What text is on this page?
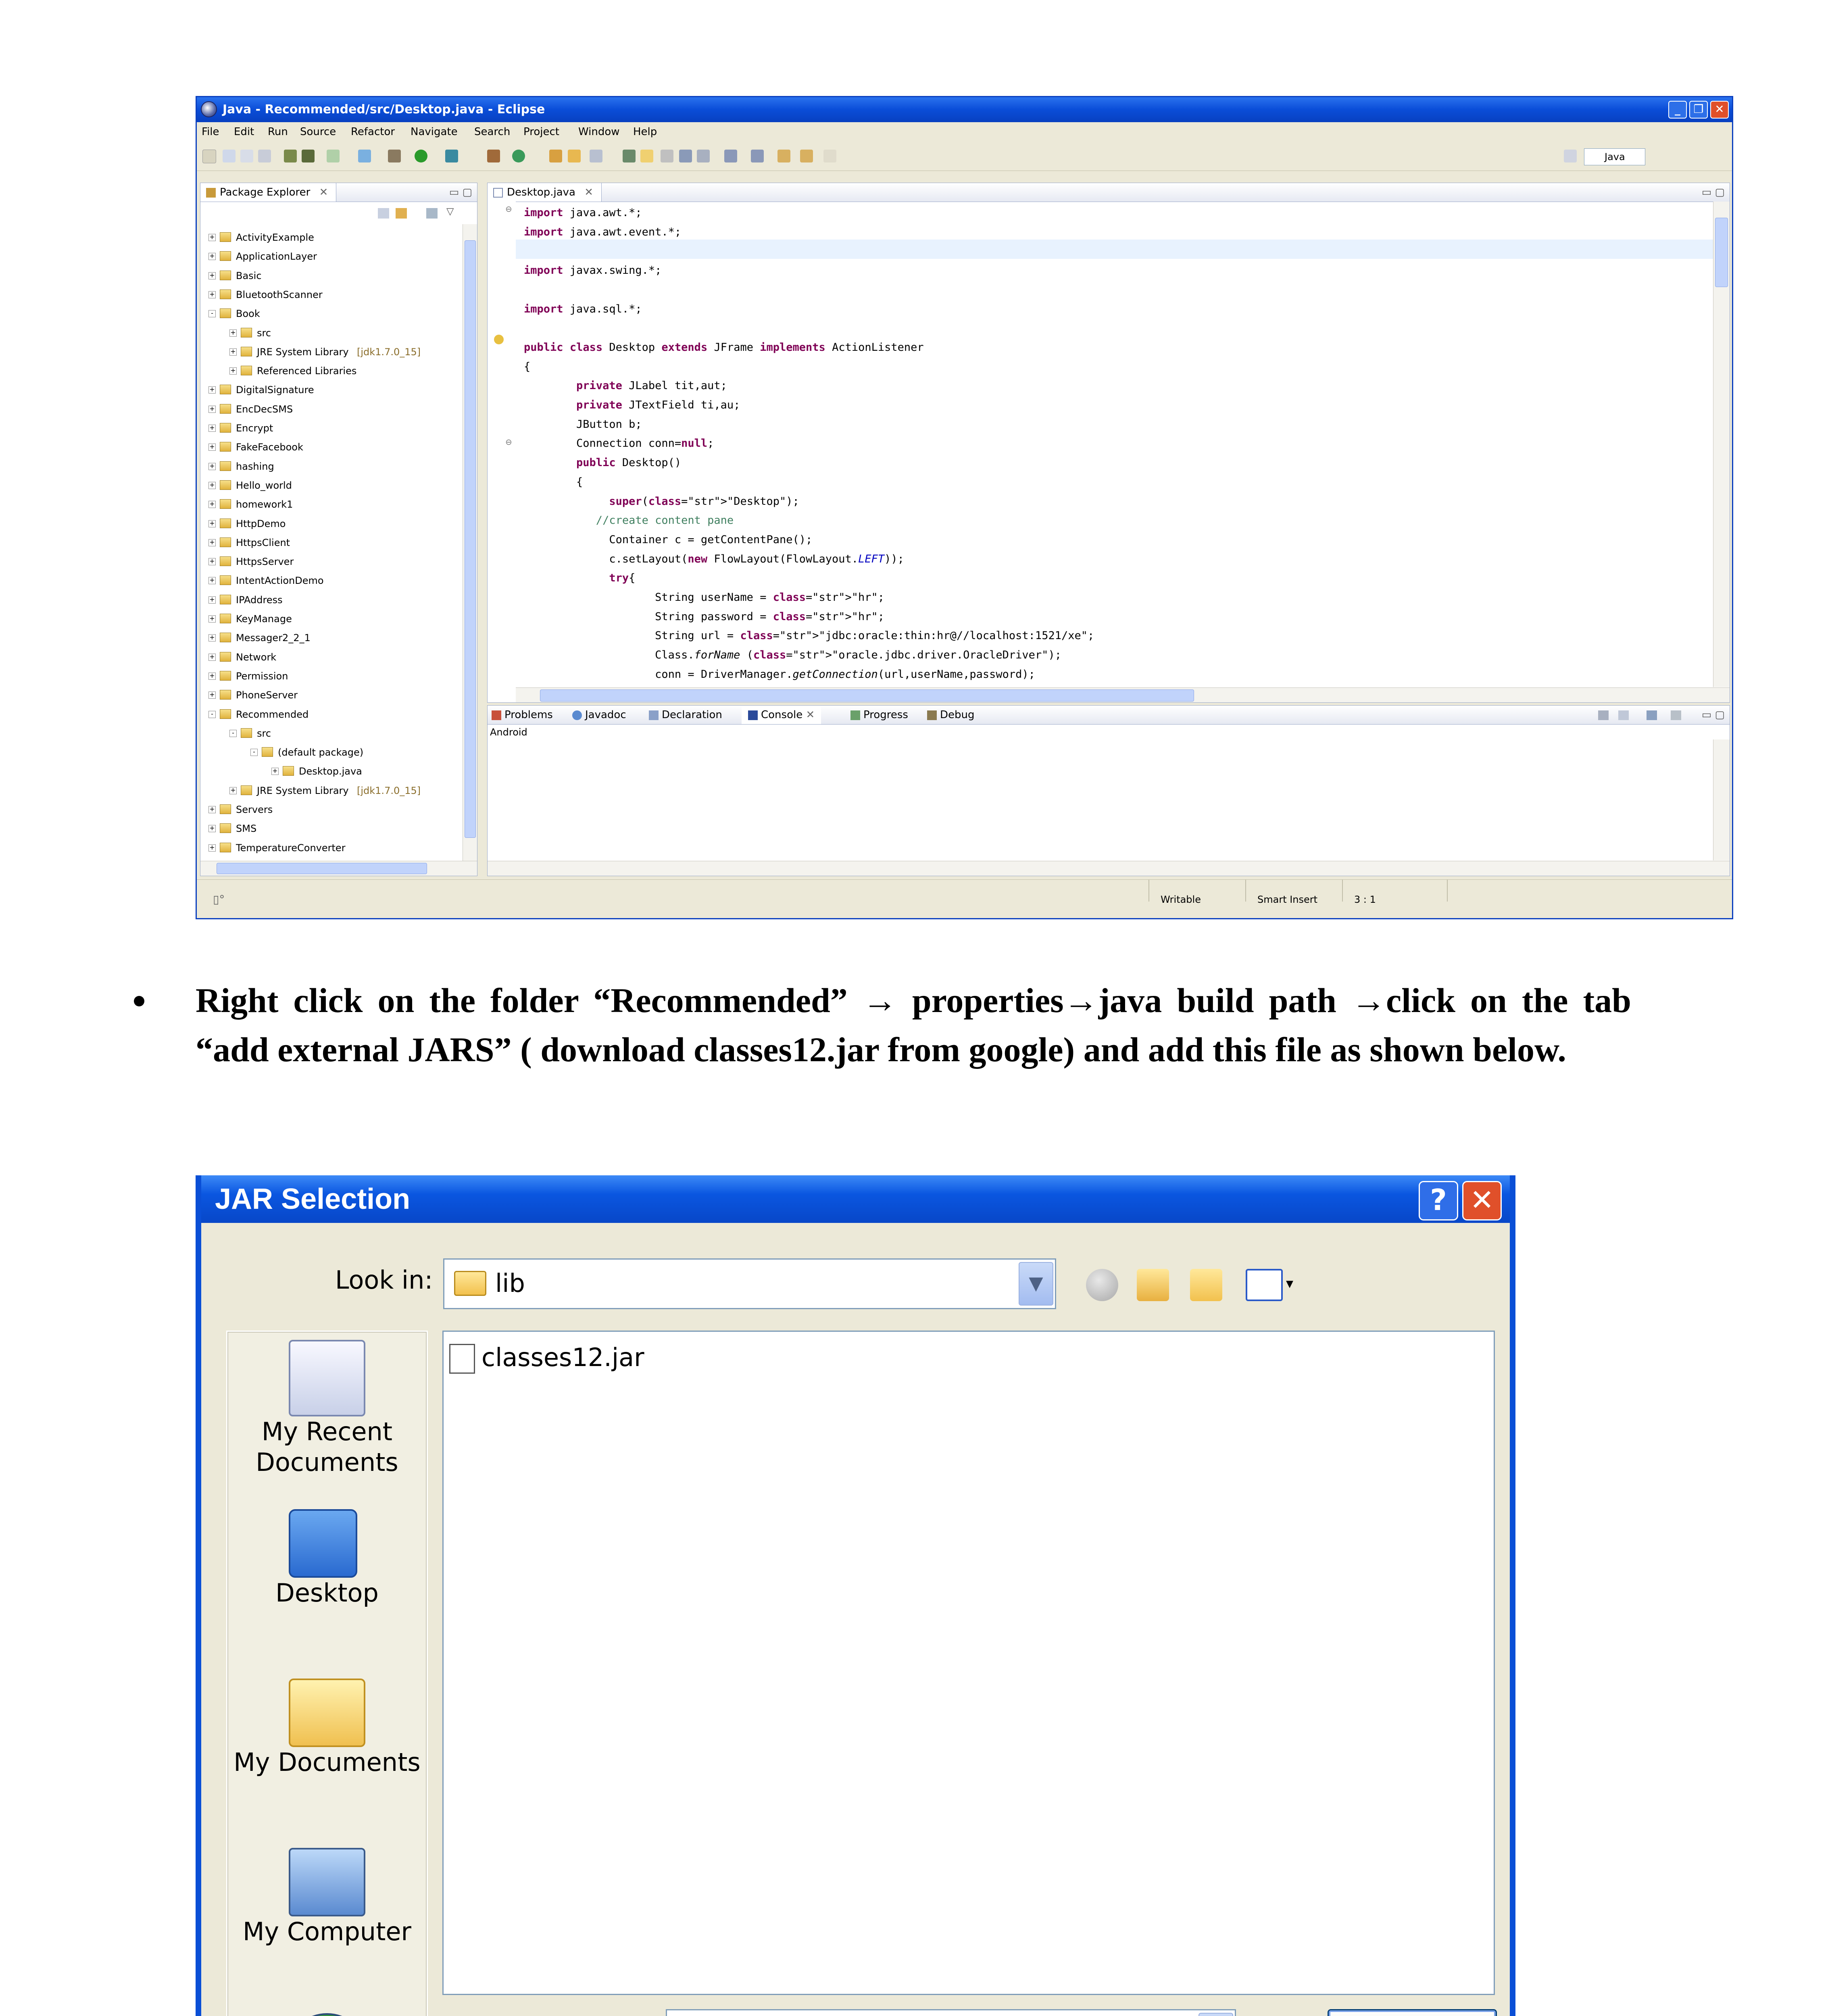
Java - Recommended/src/Desktop.java - Eclipse	_	❐ ✕
File Edit Run Source Refactor Navigate Search Project Window Help
Java
Package Explorer ✕	▭ ▢
▽
+ ActivityExample
+ ApplicationLayer
+ Basic
+ BluetoothScanner
- Book
+ src
+ JRE System Library [jdk1.7.0_15]
+ Referenced Libraries
+ DigitalSignature
+ EncDecSMS
+ Encrypt
+ FakeFacebook
+ hashing
+ Hello_world
+ homework1
+ HttpDemo
+ HttpsClient
+ HttpsServer
+ IntentActionDemo
+ IPAddress
+ KeyManage
+ Messager2_2_1
+ Network
+ Permission
+ PhoneServer
- Recommended
- src
- (default package)
+ Desktop.java
+ JRE System Library [jdk1.7.0_15]
+ Servers
+ SMS
+ TemperatureConverter
Desktop.java ✕	▭ ▢
⊖
⊖
import java.awt.*;
import java.awt.event.*;
import javax.swing.*;
import java.sql.*;
public class Desktop extends JFrame implements ActionListener
{
private JLabel tit,aut;
private JTextField ti,au;
JButton b;
Connection conn=null;
public Desktop()
{
super(class="str">"Desktop");
//create content pane
Container c = getContentPane();
c.setLayout(new FlowLayout(FlowLayout.LEFT));
try{
String userName = class="str">"hr";
String password = class="str">"hr";
String url = class="str">"jdbc:oracle:thin:hr@//localhost:1521/xe";
Class.forName (class="str">"oracle.jdbc.driver.OracleDriver");
conn = DriverManager.getConnection(url,userName,password);
Problems	Javadoc	Declaration	Console ✕	Progress	Debug	▭ ▢
Android
▯°	Writable	Smart Insert	3 : 1
Right click on the folder “Recommended” → properties→java build path →click on the tab “add external JARS” ( download classes12.jar from google) and add this file as shown below.
JAR Selection	? ✕
Look in: lib	▼	▾
My Recent
Documents
Desktop
My Documents
My Computer
classes12.jar
